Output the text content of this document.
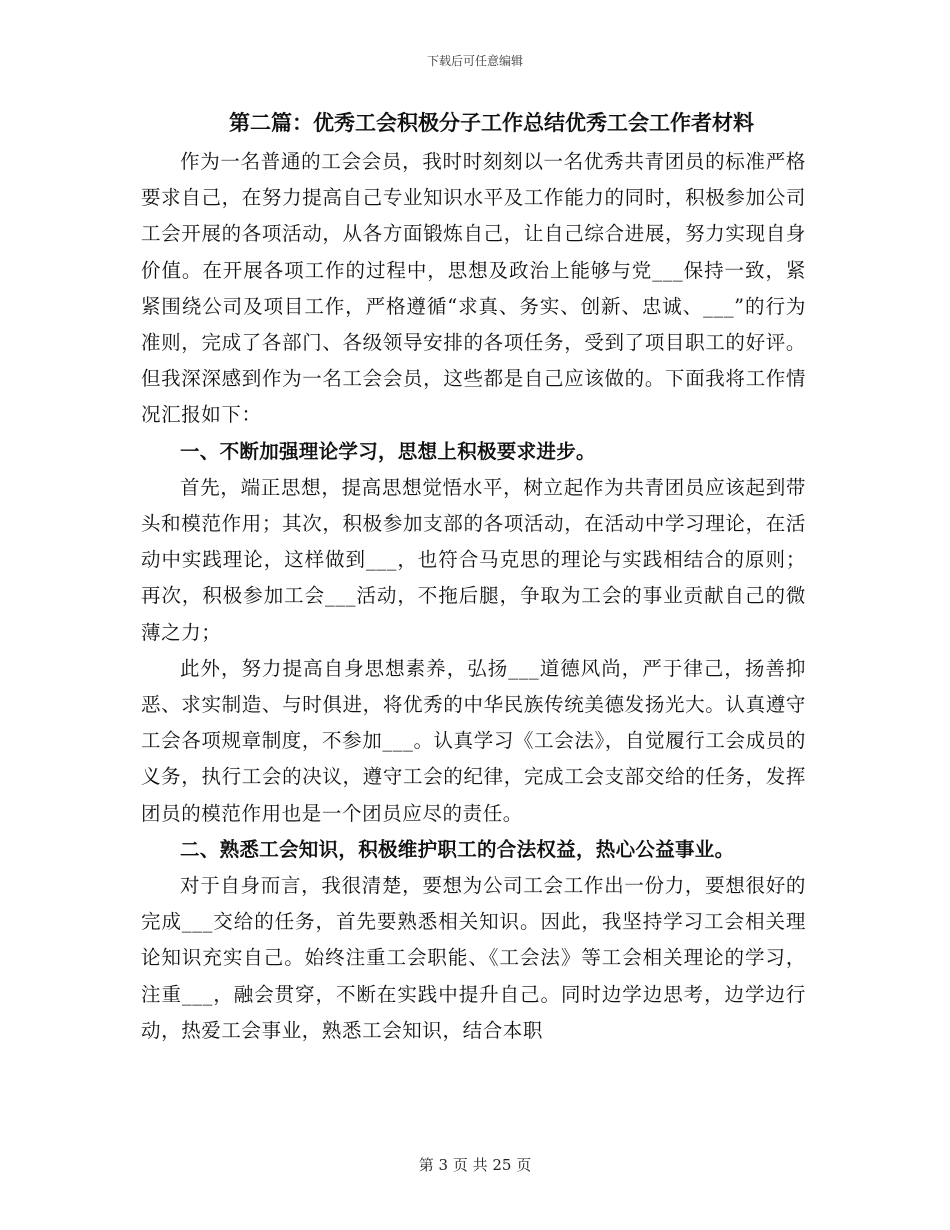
下载后可任意编辑
第二篇：优秀工会积极分子工作总结优秀工会工作者材料

作为一名普通的工会会员，我时时刻刻以一名优秀共青团员的标准严格要求自己，在努力提高自己专业知识水平及工作能力的同时，积极参加公司工会开展的各项活动，从各方面锻炼自己，让自己综合进展，努力实现自身价值。在开展各项工作的过程中，思想及政治上能够与党___保持一致，紧紧围绕公司及项目工作，严格遵循“求真、务实、创新、忠诚、___”的行为准则，完成了各部门、各级领导安排的各项任务，受到了项目职工的好评。但我深深感到作为一名工会会员，这些都是自己应该做的。下面我将工作情况汇报如下：

一、不断加强理论学习，思想上积极要求进步。

首先，端正思想，提高思想觉悟水平，树立起作为共青团员应该起到带头和模范作用；其次，积极参加支部的各项活动，在活动中学习理论，在活动中实践理论，这样做到___，也符合马克思的理论与实践相结合的原则；再次，积极参加工会___活动，不拖后腿，争取为工会的事业贡献自己的微薄之力；

此外，努力提高自身思想素养，弘扬___道德风尚，严于律己，扬善抑恶、求实制造、与时俱进，将优秀的中华民族传统美德发扬光大。认真遵守工会各项规章制度，不参加___。认真学习《工会法》，自觉履行工会成员的义务，执行工会的决议，遵守工会的纪律，完成工会支部交给的任务，发挥团员的模范作用也是一个团员应尽的责任。

二、熟悉工会知识，积极维护职工的合法权益，热心公益事业。

对于自身而言，我很清楚，要想为公司工会工作出一份力，要想很好的完成___交给的任务，首先要熟悉相关知识。因此，我坚持学习工会相关理论知识充实自己。始终注重工会职能、《工会法》等工会相关理论的学习，注重___，融会贯穿，不断在实践中提升自己。同时边学边思考，边学边行动，热爱工会事业，熟悉工会知识，结合本职

第 3 页 共 25 页
